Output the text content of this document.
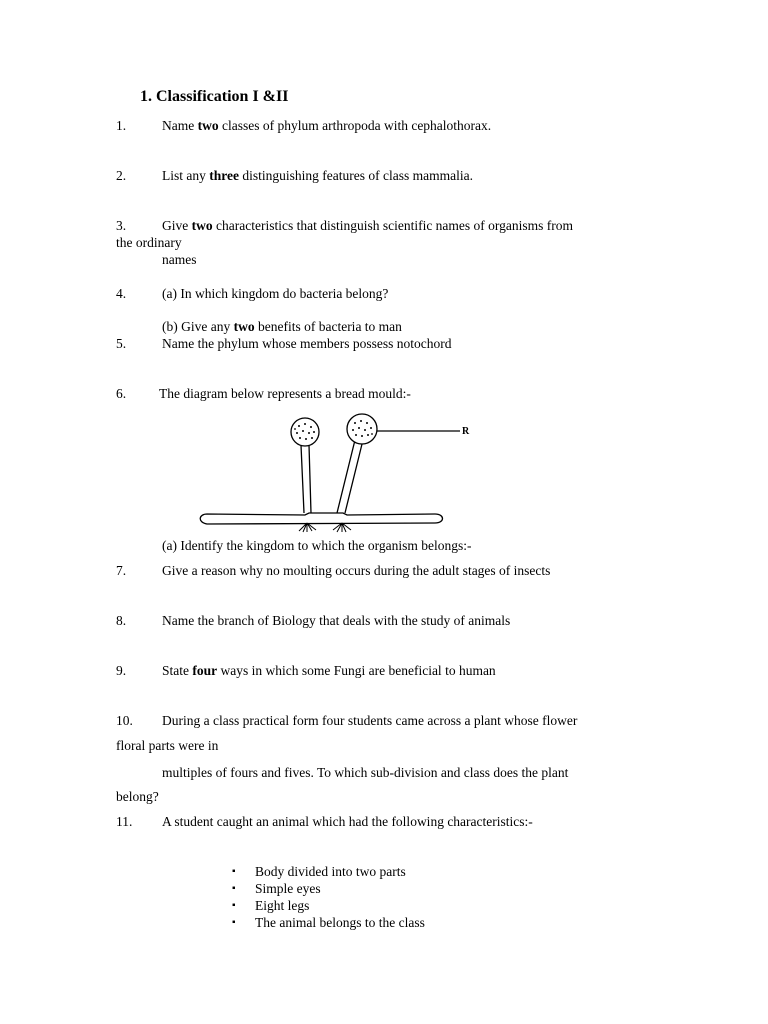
1. Classification I &II
1.	Name two classes of phylum arthropoda with cephalothorax.
2.	List any three distinguishing features of class mammalia.
3.	Give two characteristics that distinguish scientific names of organisms from
the ordinary
names
4.	(a) In which kingdom do bacteria belong?
(b) Give any two benefits of bacteria to man
5.	Name the phylum whose members possess notochord
6. The diagram below represents a bread mould:-
R
(a) Identify the kingdom to which the organism belongs:-
7.	Give a reason why no moulting occurs during the adult stages of insects
8.	Name the branch of Biology that deals with the study of animals
9.	State four ways in which some Fungi are beneficial to human
10. During a class practical form four students came across a plant whose flower
floral parts were in
multiples of fours and fives. To which sub-division and class does the plant
belong?
11. A student caught an animal which had the following characteristics:-
▪ Body divided into two parts
▪ Simple eyes
▪ Eight legs
▪ The animal belongs to the class
